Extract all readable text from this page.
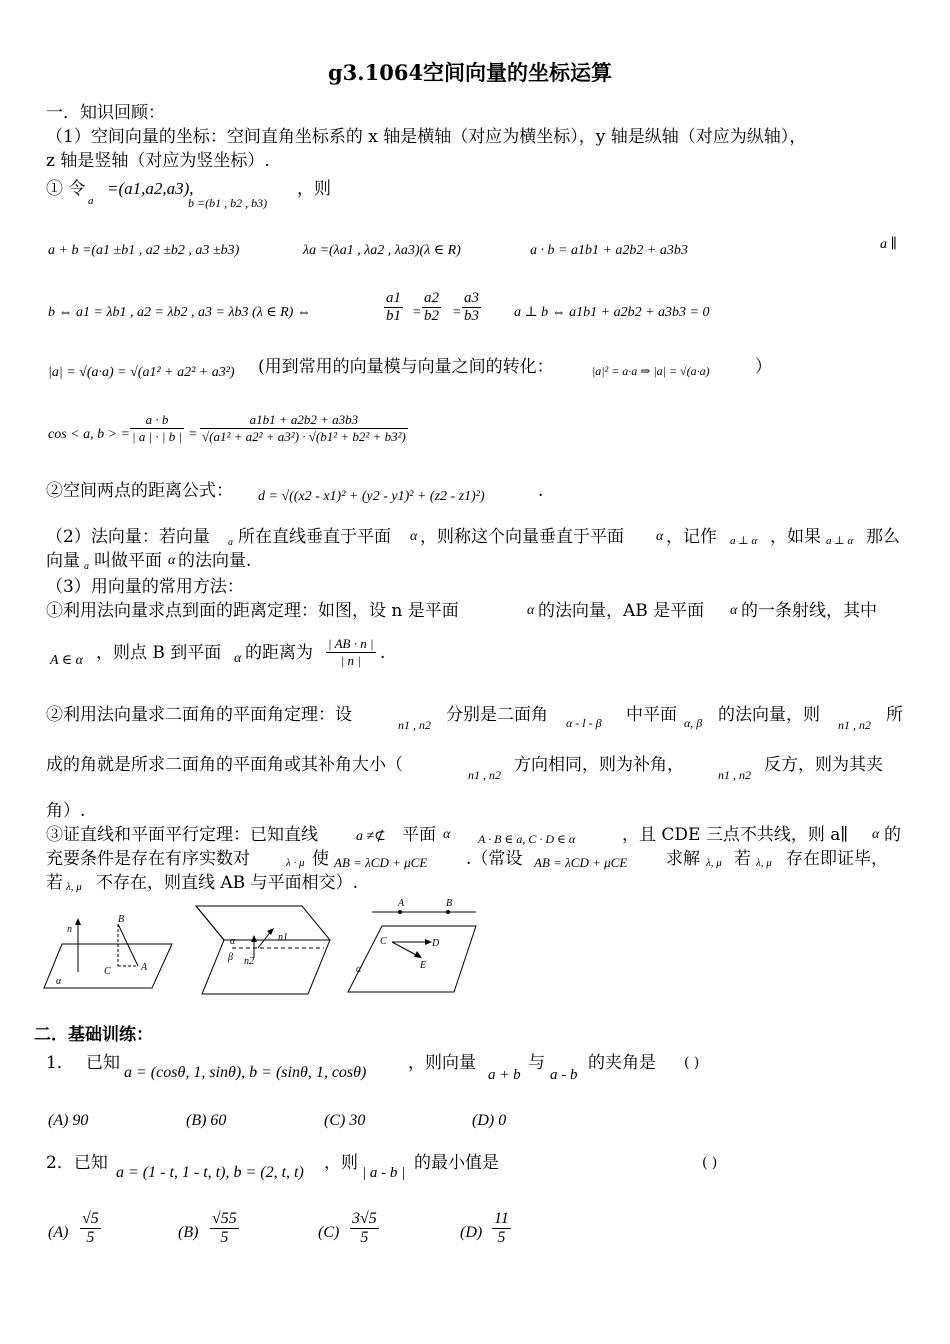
g3.1064空间向量的坐标运算
一．知识回顾：
（1）空间向量的坐标：空间直角坐标系的 x 轴是横轴（对应为横坐标），y 轴是纵轴（对应为纵轴），
z 轴是竖轴（对应为竖坐标）.
① 令
a
=(a1,a2,a3),
b =(b1 , b2 , b3)
，则
a + b =(a1 ±b1 , a2 ±b2 , a3 ±b3)	λa =(λa1 , λa2 , λa3)(λ ∈ R)	a · b = a1b1 + a2b2 + a3b3	a ∥
b ⇔ a1 = λb1 , a2 = λb2 , a3 = λb3 (λ ∈ R) ⇔	$\frac{a1}{b1} = \frac{a2}{b2} = \frac{a3}{b3}$ a ⊥ b ⇔ a1b1 + a2b2 + a3b3 = 0
|a| = √(a·a) = √(a1² + a2² + a3²) (用到常用的向量模与向量之间的转化：	|a|² = a·a ⇒ |a| = √(a·a)	）
cos < a, b > = $\frac{a \cdot b}{| a | \cdot | b |} = \frac{a1b1 + a2b2 + a3b3}{\text{√(a1² + a2² + a3²) · √(b1² + b2² + b3²)}}$
②空间两点的距离公式： d = √((x2 - x1)² + (y2 - y1)² + (z2 - z1)²)	.
（2）法向量：若向量 a 所在直线垂直于平面 α ，则称这个向量垂直于平面 α ，记作 a ⊥ α ，如果 a ⊥ α 那么
向量 a 叫做平面 α 的法向量.
（3）用向量的常用方法：
①利用法向量求点到面的距离定理：如图，设 n 是平面	α 的法向量，AB 是平面 α 的一条射线，其中
A ∈ α ，则点 B 到平面 α 的距离为 $\frac{| AB \cdot n |}{| n |}$ .
②利用法向量求二面角的平面角定理：设	n1 , n2 分别是二面角 α - l - β 中平面 α, β 的法向量，则 n1 , n2 所
成的角就是所求二面角的平面角或其补角大小（	n1 , n2 方向相同，则为补角，	n1 , n2 反方，则为其夹
角）.
③证直线和平面平行定理：已知直线	a ≠⊄ 平面 α A · B ∈ a, C · D ∈ α	，且 CDE 三点不共线，则 a∥ α 的
充要条件是存在有序实数对	λ · μ 使 AB = λCD + μCE .（常设 AB = λCD + μCE 求解 λ, μ 若 λ, μ 存在即证毕，
若 λ, μ 不存在，则直线 AB 与平面相交）.
n
B
C	A
α
n1
n2
α
β
A	B
C	D
E
α
二．基础训练：
1． 已知 a = (cosθ, 1, sinθ), b = (sinθ, 1, cosθ) ，则向量
a + b
与
a - b
的夹角是 ( )
(A) 90	(B) 60	(C) 30	(D) 0
2．已知 a = (1 - t, 1 - t, t), b = (2, t, t) ，则 | a - b | 的最小值是	( )
$(A) \frac{√5}{5}$	$(B) \frac{√55}{5}$	$(C) \frac{3√5}{5}$	$(D) \frac{11}{5}$
